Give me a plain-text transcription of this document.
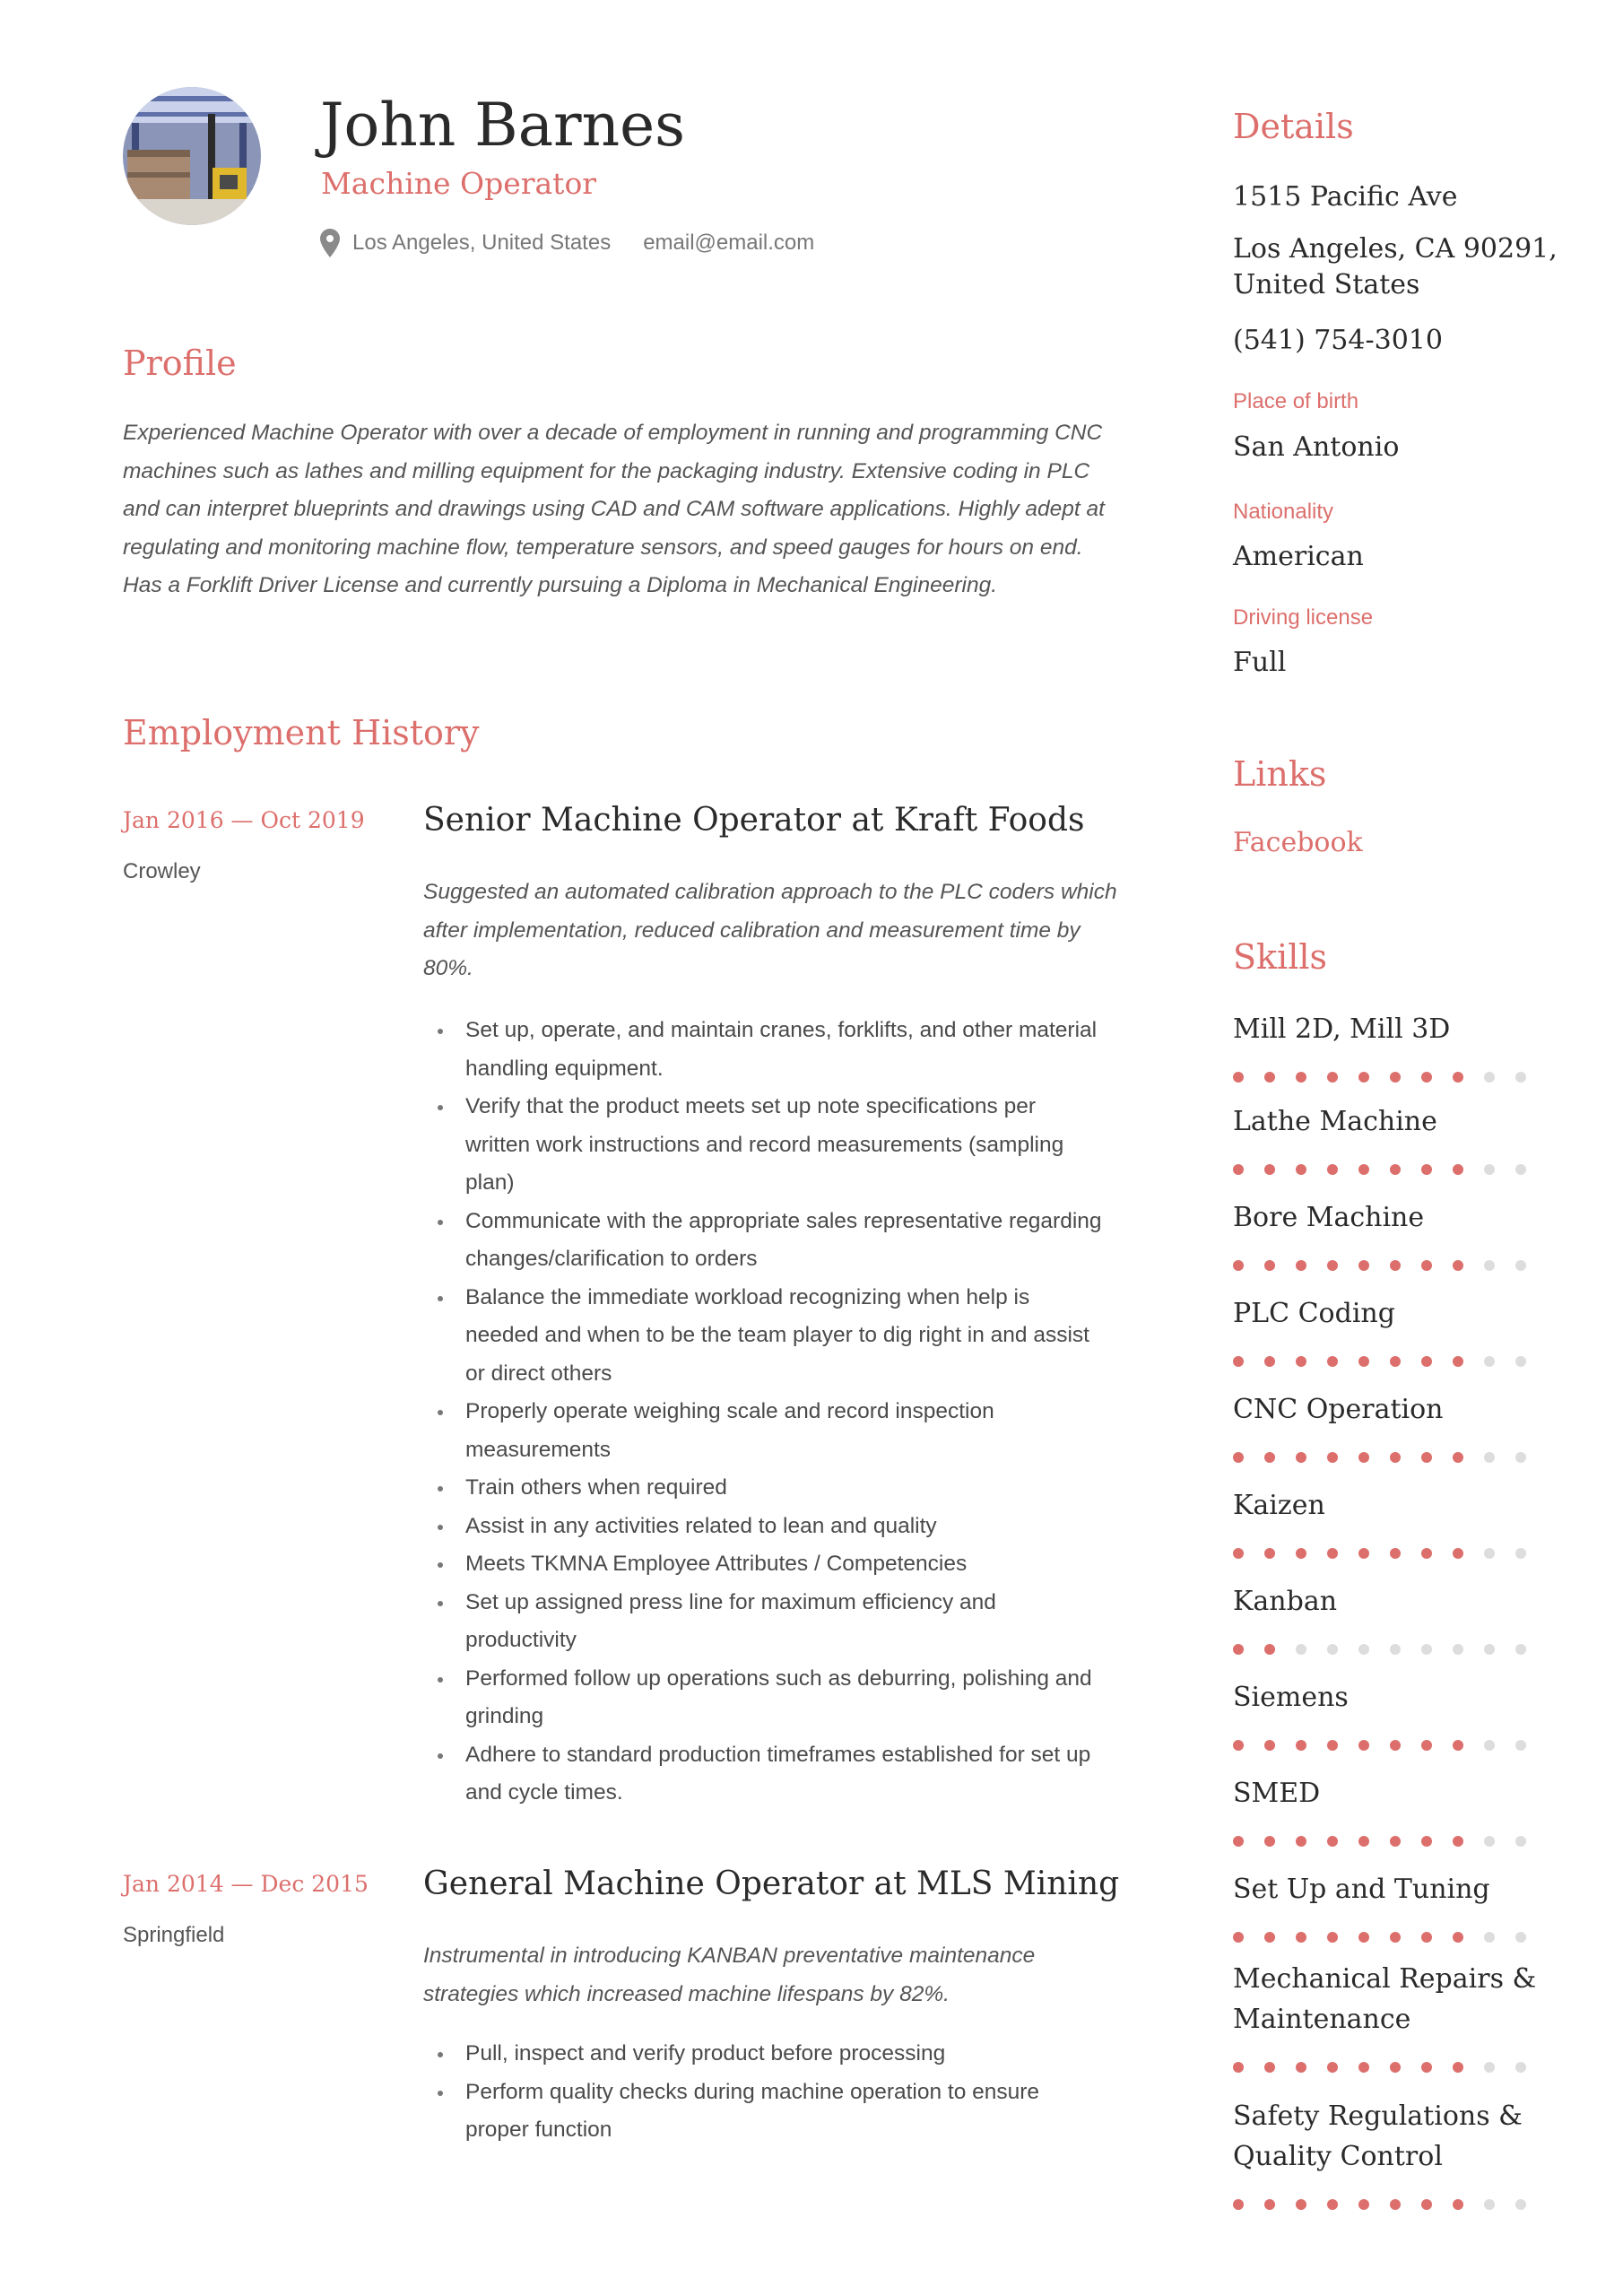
John Barnes
Machine Operator
Los Angeles, United States email@email.com
Profile

Experienced Machine Operator with over a decade of employment in running and programming CNC machines such as lathes and milling equipment for the packaging industry. Extensive coding in PLC and can interpret blueprints and drawings using CAD and CAM software applications. Highly adept at regulating and monitoring machine flow, temperature sensors, and speed gauges for hours on end. Has a Forklift Driver License and currently pursuing a Diploma in Mechanical Engineering.

Employment History
Jan 2016 — Oct 2019
Crowley
Senior Machine Operator at Kraft Foods

Suggested an automated calibration approach to the PLC coders which after implementation, reduced calibration and measurement time by 80%.

Set up, operate, and maintain cranes, forklifts, and other material handling equipment.
Verify that the product meets set up note specifications per written work instructions and record measurements (sampling plan)
Communicate with the appropriate sales representative regarding changes/clarification to orders
Balance the immediate workload recognizing when help is needed and when to be the team player to dig right in and assist or direct others
Properly operate weighing scale and record inspection measurements
Train others when required
Assist in any activities related to lean and quality
Meets TKMNA Employee Attributes / Competencies
Set up assigned press line for maximum efficiency and productivity
Performed follow up operations such as deburring, polishing and grinding
Adhere to standard production timeframes established for set up and cycle times.
Jan 2014 — Dec 2015
Springfield
General Machine Operator at MLS Mining

Instrumental in introducing KANBAN preventative maintenance strategies which increased machine lifespans by 82%.

Pull, inspect and verify product before processing
Perform quality checks during machine operation to ensure proper function
Details
1515 Pacific Ave
Los Angeles, CA 90291,
United States
(541) 754-3010
Place of birth
San Antonio
Nationality
American
Driving license
Full
Links
Facebook
Skills
Mill 2D, Mill 3D
Lathe Machine
Bore Machine
PLC Coding
CNC Operation
Kaizen
Kanban
Siemens
SMED
Set Up and Tuning
Mechanical Repairs & Maintenance
Safety Regulations & Quality Control
